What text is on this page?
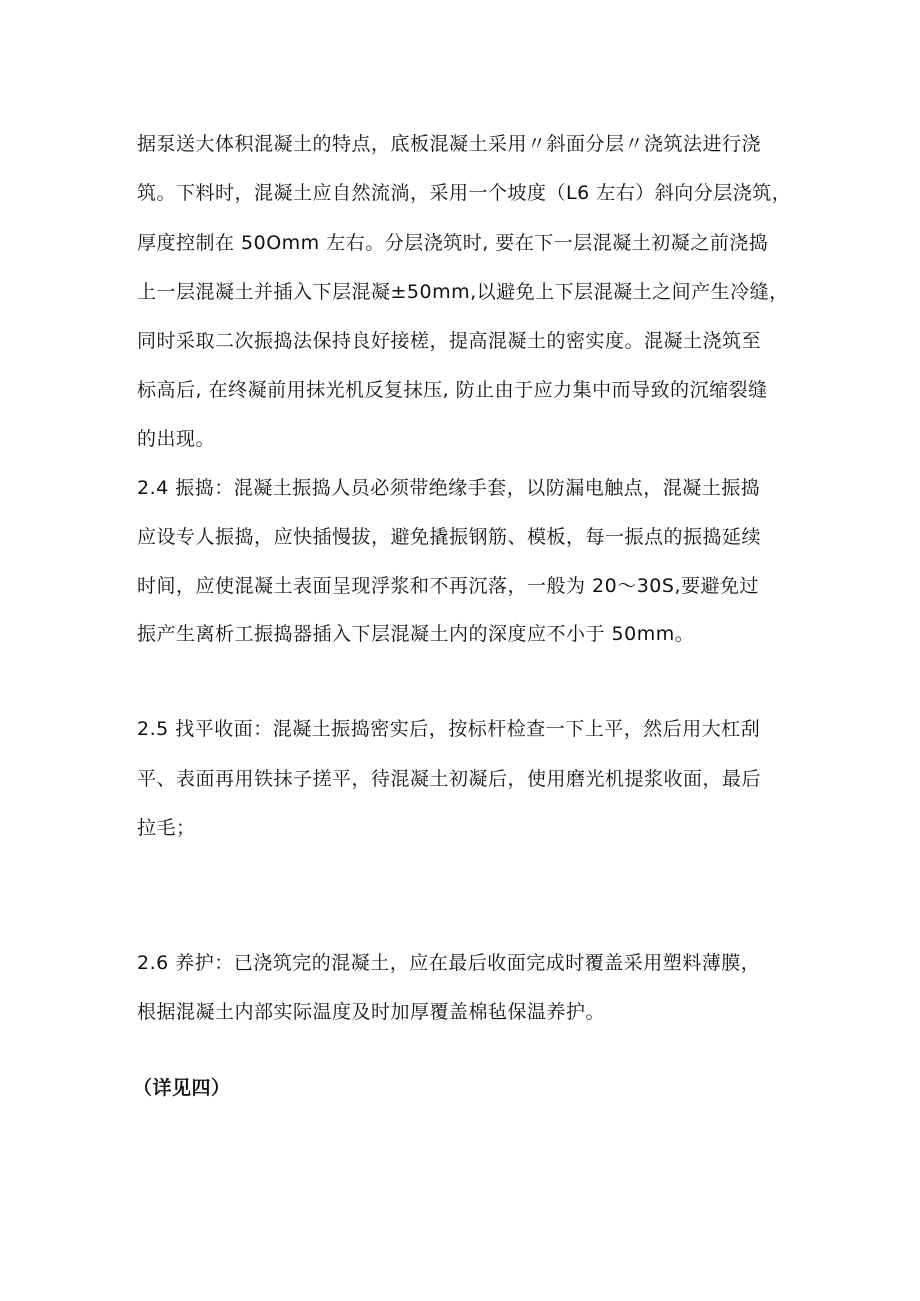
据泵送大体积混凝土的特点，底板混凝土采用〃斜面分层〃浇筑法进行浇
筑。下料时，混凝土应自然流淌，采用一个坡度（L6 左右）斜向分层浇筑，
厚度控制在 50Omm 左右。分层浇筑时, 要在下一层混凝土初凝之前浇捣
上一层混凝土并插入下层混凝±50mm,以避免上下层混凝土之间产生冷缝，
同时采取二次振捣法保持良好接槎，提高混凝土的密实度。混凝土浇筑至
标高后, 在终凝前用抹光机反复抹压, 防止由于应力集中而导致的沉缩裂缝
的出现。
2.4 振捣：混凝土振捣人员必须带绝缘手套，以防漏电触点，混凝土振捣
应设专人振捣，应快插慢拔，避免撬振钢筋、模板，每一振点的振捣延续
时间，应使混凝土表面呈现浮浆和不再沉落，一般为 20～30S,要避免过
振产生离析工振捣器插入下层混凝土内的深度应不小于 50mm。
2.5 找平收面：混凝土振捣密实后，按标杆检查一下上平，然后用大杠刮
平、表面再用铁抹子搓平，待混凝土初凝后，使用磨光机提浆收面，最后
拉毛；
2.6 养护：已浇筑完的混凝土，应在最后收面完成时覆盖采用塑料薄膜，
根据混凝土内部实际温度及时加厚覆盖棉毡保温养护。
（详见四）
